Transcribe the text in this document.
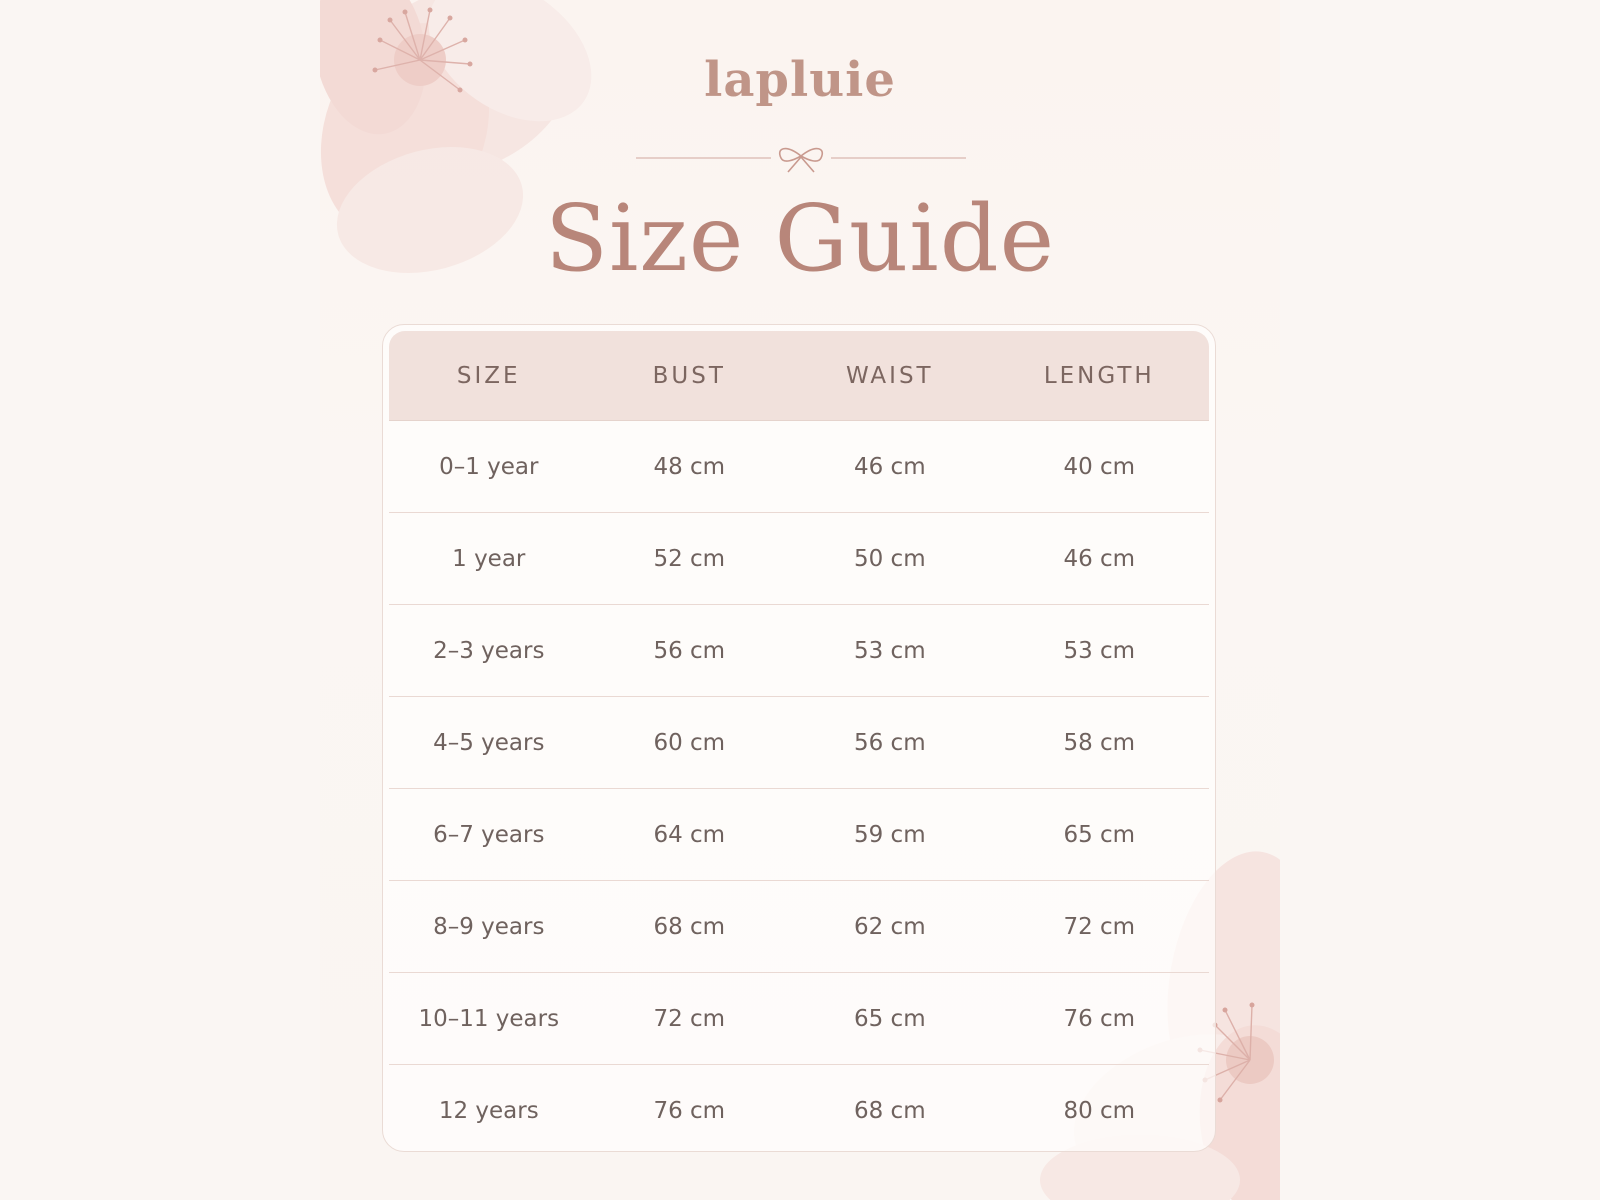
lapluie
Size Guide
SIZE	BUST	WAIST	LENGTH
0–1 year	48 cm	46 cm	40 cm
1 year	52 cm	50 cm	46 cm
2–3 years	56 cm	53 cm	53 cm
4–5 years	60 cm	56 cm	58 cm
6–7 years	64 cm	59 cm	65 cm
8–9 years	68 cm	62 cm	72 cm
10–11 years	72 cm	65 cm	76 cm
12 years	76 cm	68 cm	80 cm
